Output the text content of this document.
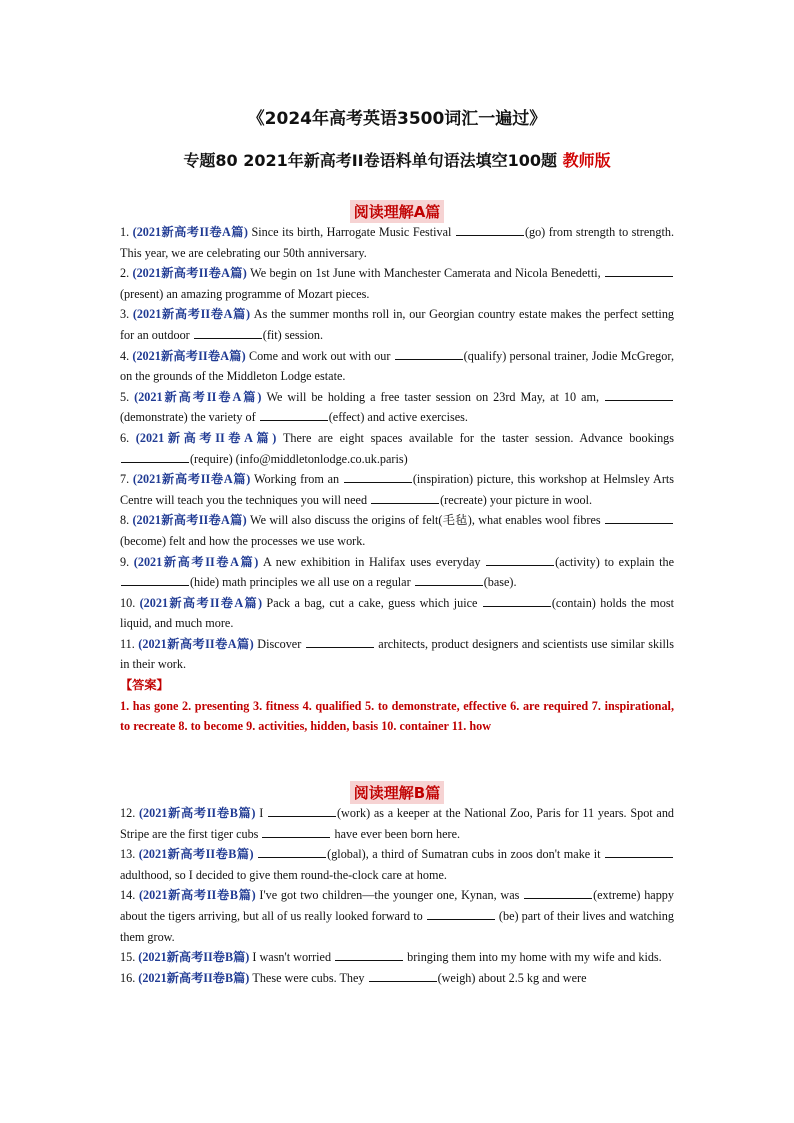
《2024年高考英语3500词汇一遍过》
专题80 2021年新高考II卷语料单句语法填空100题 教师版
阅读理解A篇

1. (2021新高考II卷A篇) Since its birth, Harrogate Music Festival	(go) from strength to strength. This year, we are celebrating our 50th anniversary.

2. (2021新高考II卷A篇) We begin on 1st June with Manchester Camerata and Nicola Benedetti, (present) an amazing programme of Mozart pieces.

3. (2021新高考II卷A篇) As the summer months roll in, our Georgian country estate makes the perfect setting for an outdoor	(fit) session.

4. (2021新高考II卷A篇) Come and work out with our	(qualify) personal trainer, Jodie McGregor, on the grounds of the Middleton Lodge estate.

5. (2021新高考II卷A篇) We will be holding a free taster session on 23rd May, at 10 am, (demonstrate) the variety of	(effect) and active exercises.

6. (2021新高考II卷A篇) There are eight spaces available for the taster session. Advance bookings (require) (info@middletonlodge.co.uk.paris)

7. (2021新高考II卷A篇) Working from an	(inspiration) picture, this workshop at Helmsley Arts Centre will teach you the techniques you will need	(recreate) your picture in wool.

8. (2021新高考II卷A篇) We will also discuss the origins of felt(毛毡), what enables wool fibres (become) felt and how the processes we use work.

9. (2021新高考II卷A篇) A new exhibition in Halifax uses everyday	(activity) to explain the (hide) math principles we all use on a regular	(base).

10. (2021新高考II卷A篇) Pack a bag, cut a cake, guess which juice	(contain) holds the most liquid, and much more.

11. (2021新高考II卷A篇) Discover	architects, product designers and scientists use similar skills in their work.

【答案】

1. has gone 2. presenting 3. fitness 4. qualified 5. to demonstrate, effective 6. are required 7. inspirational, to recreate 8. to become 9. activities, hidden, basis 10. container 11. how

阅读理解B篇

12. (2021新高考II卷B篇) I	(work) as a keeper at the National Zoo, Paris for 11 years. Spot and Stripe are the first tiger cubs	have ever been born here.

13. (2021新高考II卷B篇)	(global), a third of Sumatran cubs in zoos don't make it  adulthood, so I decided to give them round-the-clock care at home.

14. (2021新高考II卷B篇) I've got two children—the younger one, Kynan, was	(extreme) happy about the tigers arriving, but all of us really looked forward to	(be) part of their lives and watching them grow.

15. (2021新高考II卷B篇) I wasn't worried	bringing them into my home with my wife and kids.

16. (2021新高考II卷B篇) These were cubs. They	(weigh) about 2.5 kg and were
